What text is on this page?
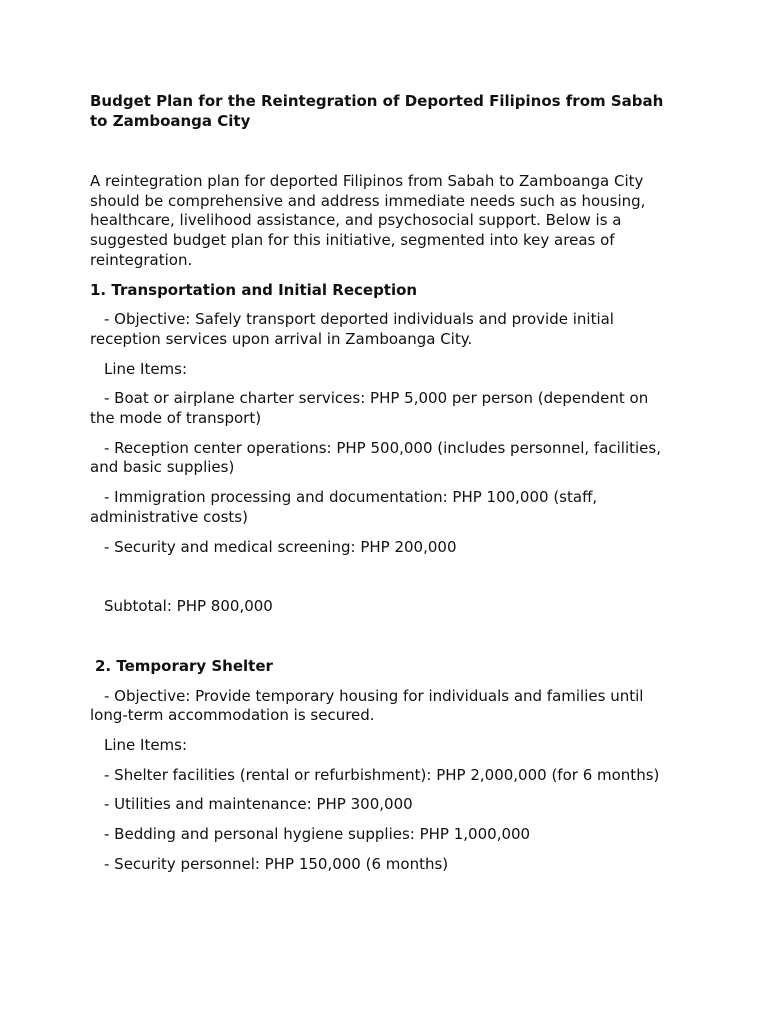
Budget Plan for the Reintegration of Deported Filipinos from Sabah to Zamboanga City

A reintegration plan for deported Filipinos from Sabah to Zamboanga City should be comprehensive and address immediate needs such as housing, healthcare, livelihood assistance, and psychosocial support. Below is a suggested budget plan for this initiative, segmented into key areas of reintegration.

1. Transportation and Initial Reception

- Objective: Safely transport deported individuals and provide initial reception services upon arrival in Zamboanga City.

Line Items:

- Boat or airplane charter services: PHP 5,000 per person (dependent on the mode of transport)

- Reception center operations: PHP 500,000 (includes personnel, facilities, and basic supplies)

- Immigration processing and documentation: PHP 100,000 (staff, administrative costs)

- Security and medical screening: PHP 200,000

Subtotal: PHP 800,000

2. Temporary Shelter

- Objective: Provide temporary housing for individuals and families until long-term accommodation is secured.

Line Items:

- Shelter facilities (rental or refurbishment): PHP 2,000,000 (for 6 months)

- Utilities and maintenance: PHP 300,000

- Bedding and personal hygiene supplies: PHP 1,000,000

- Security personnel: PHP 150,000 (6 months)
